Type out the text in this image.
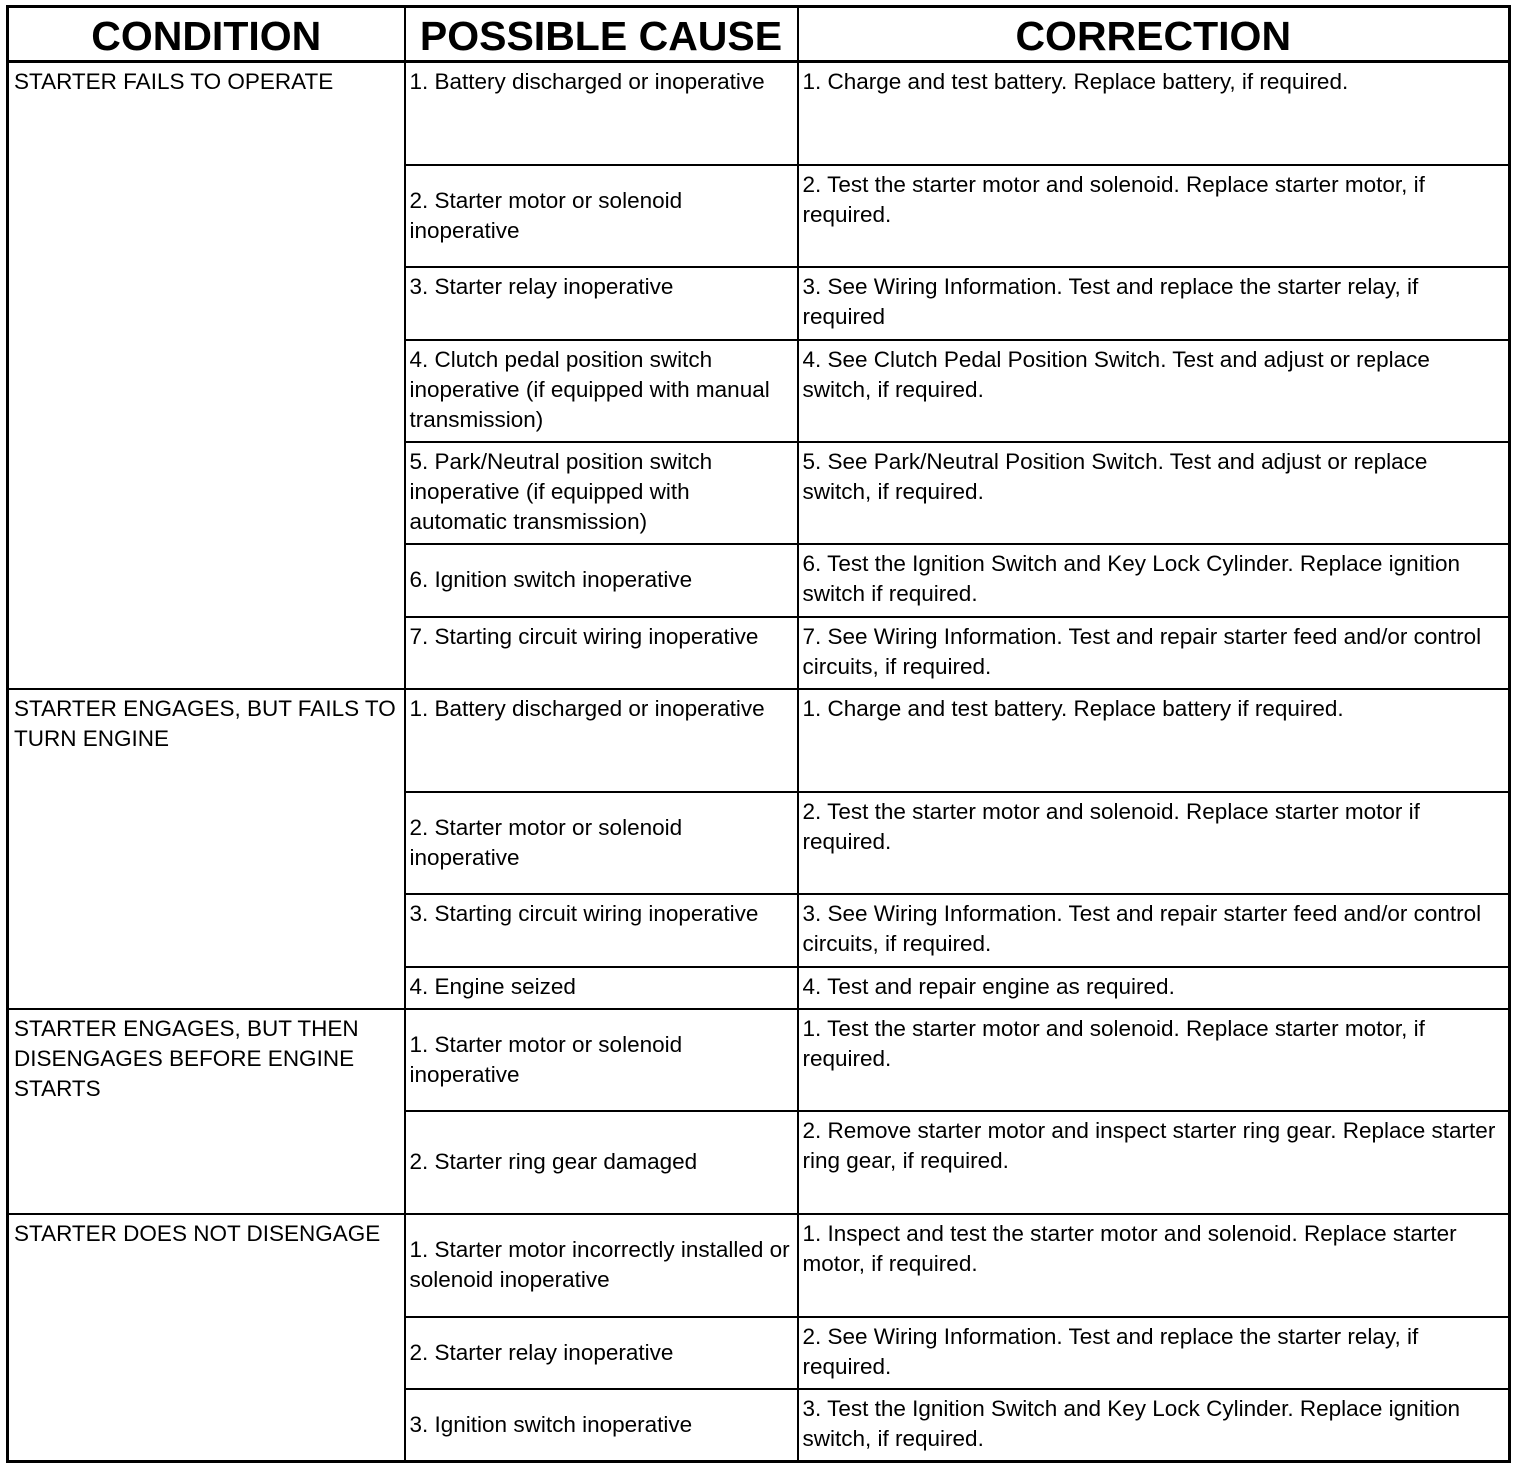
CONDITION	POSSIBLE CAUSE	CORRECTION
STARTER FAILS TO OPERATE	1. Battery discharged or inoperative	1. Charge and test battery. Replace battery, if required.
	2. Starter motor or solenoid inoperative	2. Test the starter motor and solenoid. Replace starter motor, if required.
	3. Starter relay inoperative	3. See Wiring Information. Test and replace the starter relay, if required
	4. Clutch pedal position switch inoperative (if equipped with manual transmission)	4. See Clutch Pedal Position Switch. Test and adjust or replace switch, if required.
	5. Park/Neutral position switch inoperative (if equipped with automatic transmission)	5. See Park/Neutral Position Switch. Test and adjust or replace switch, if required.
	6. Ignition switch inoperative	6. Test the Ignition Switch and Key Lock Cylinder. Replace ignition switch if required.
	7. Starting circuit wiring inoperative	7. See Wiring Information. Test and repair starter feed and/or control circuits, if required.
STARTER ENGAGES, BUT FAILS TO TURN ENGINE	1. Battery discharged or inoperative	1. Charge and test battery. Replace battery if required.
	2. Starter motor or solenoid inoperative	2. Test the starter motor and solenoid. Replace starter motor if required.
	3. Starting circuit wiring inoperative	3. See Wiring Information. Test and repair starter feed and/or control circuits, if required.
	4. Engine seized	4. Test and repair engine as required.
STARTER ENGAGES, BUT THEN DISENGAGES BEFORE ENGINE STARTS	1. Starter motor or solenoid inoperative	1. Test the starter motor and solenoid. Replace starter motor, if required.
	2. Starter ring gear damaged	2. Remove starter motor and inspect starter ring gear. Replace starter ring gear, if required.
STARTER DOES NOT DISENGAGE	1. Starter motor incorrectly installed or solenoid inoperative	1. Inspect and test the starter motor and solenoid. Replace starter motor, if required.
	2. Starter relay inoperative	2. See Wiring Information. Test and replace the starter relay, if required.
	3. Ignition switch inoperative	3. Test the Ignition Switch and Key Lock Cylinder. Replace ignition switch, if required.
